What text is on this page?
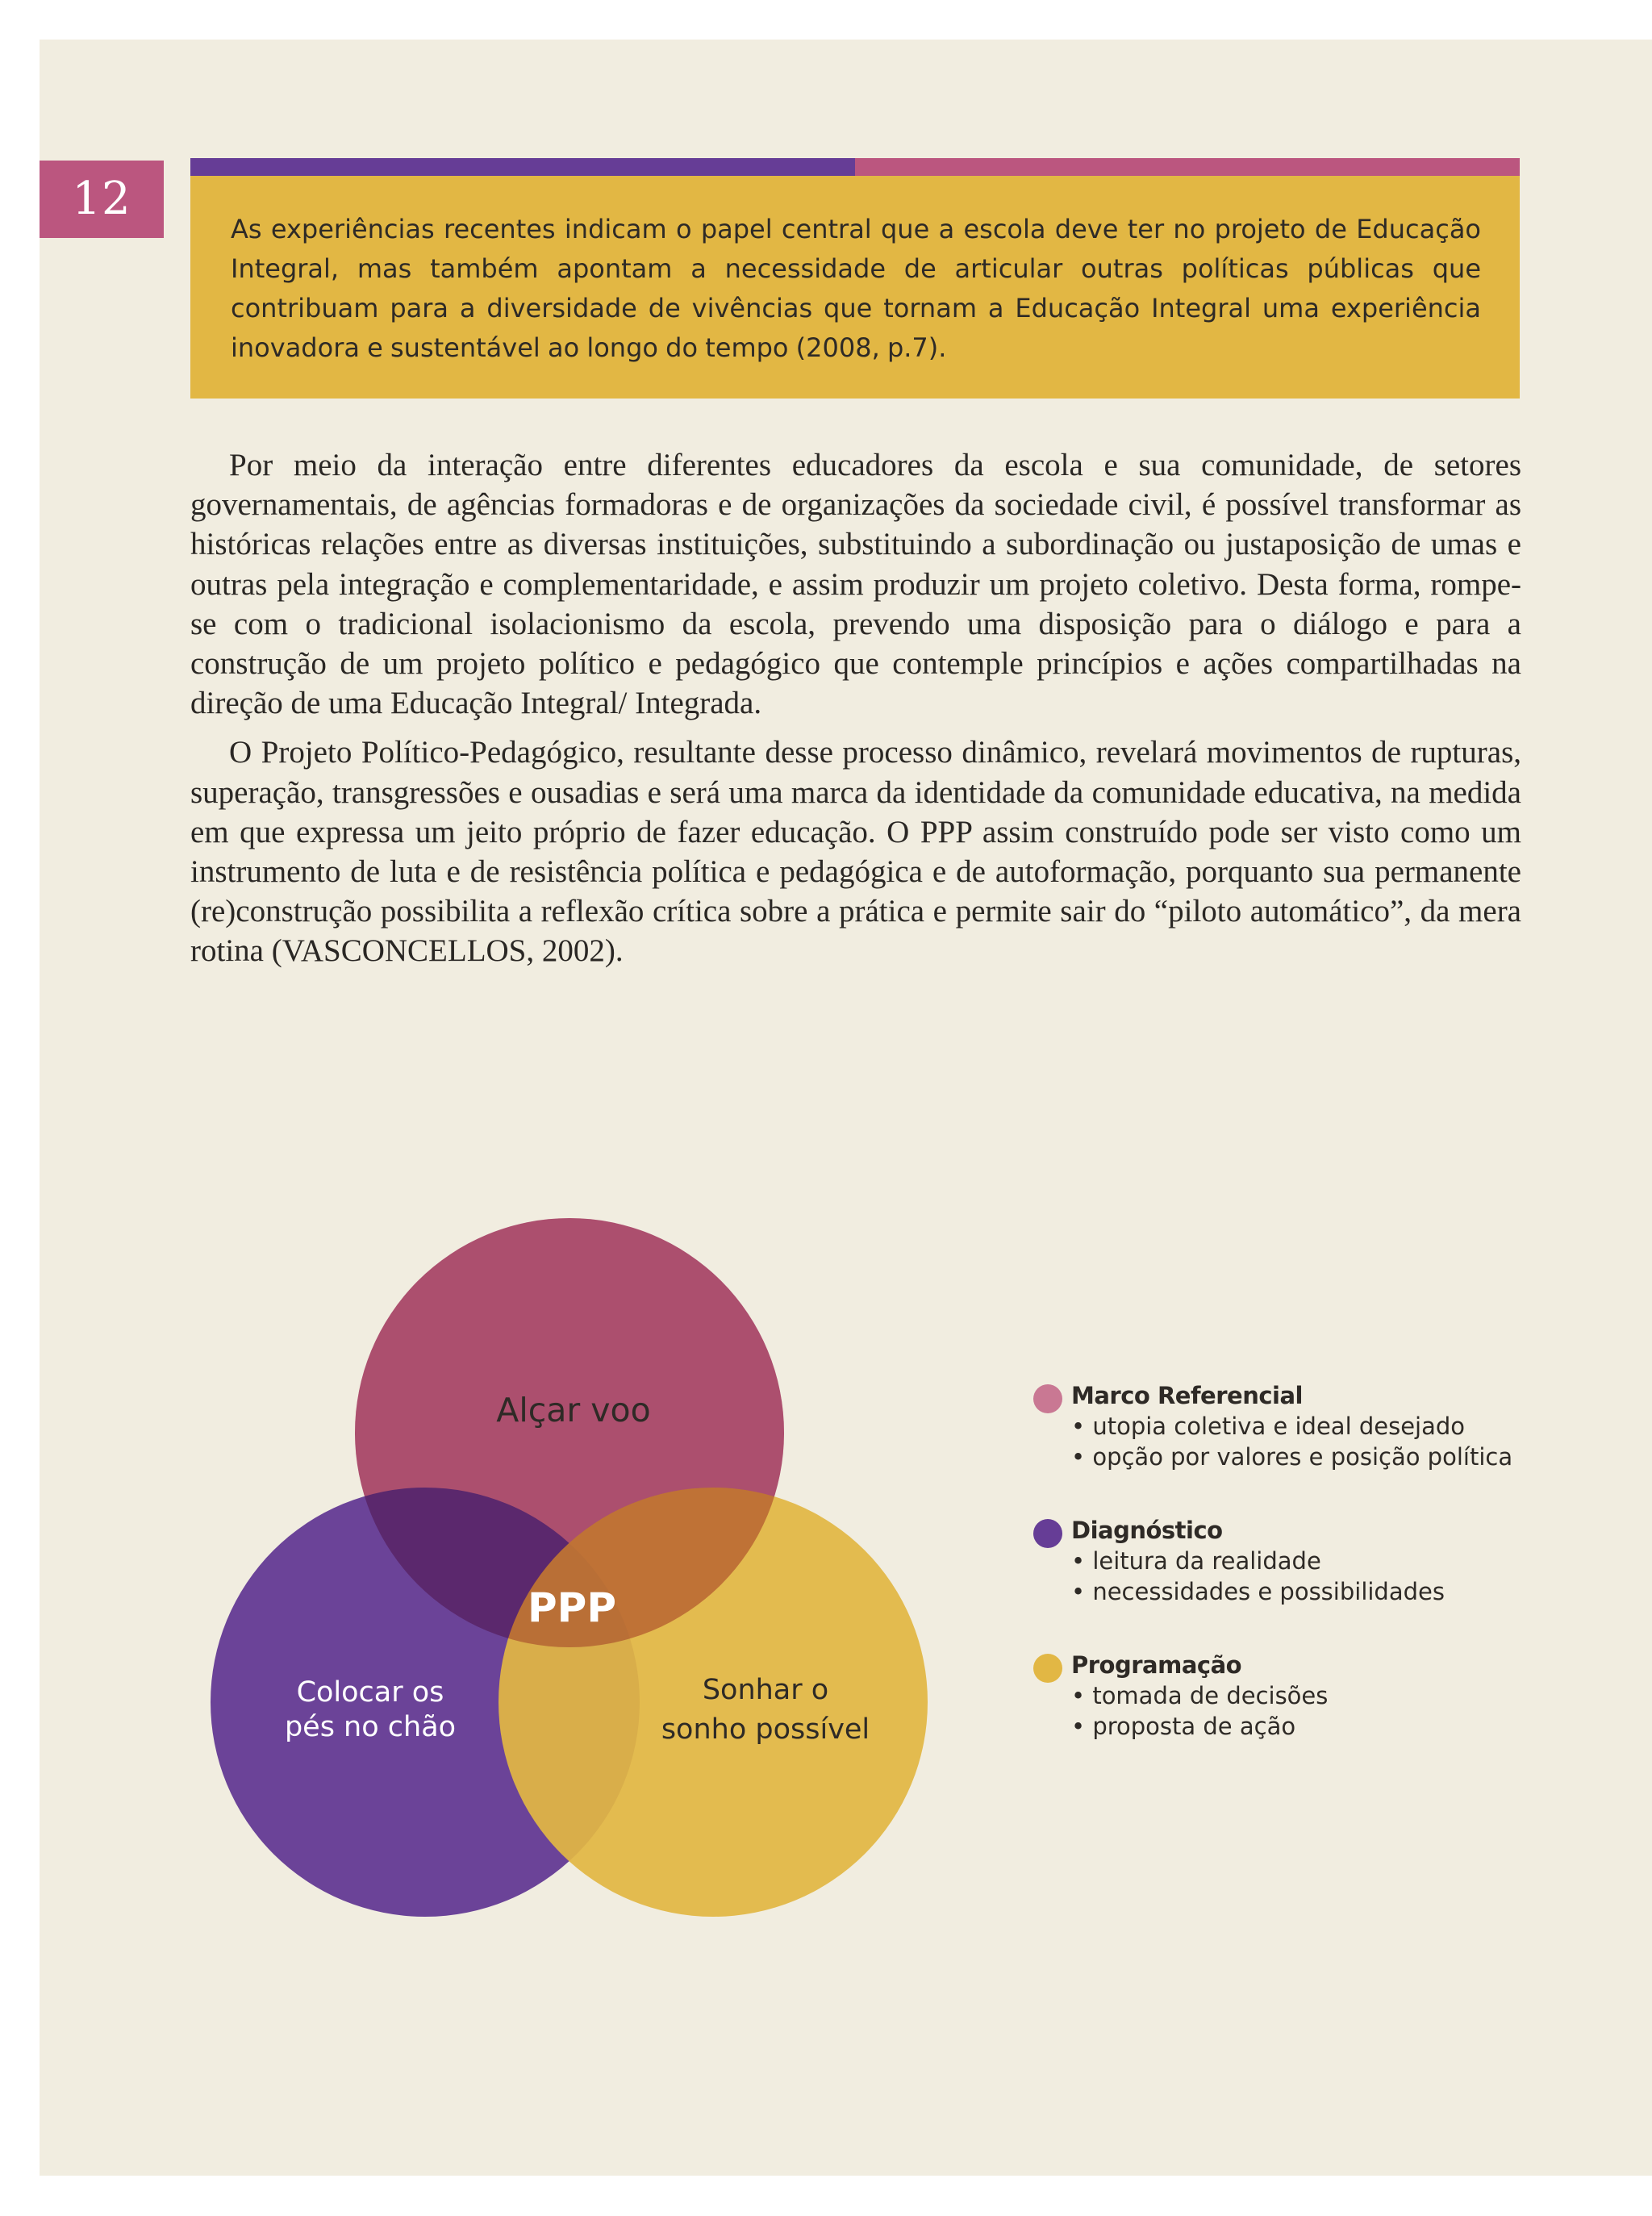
12

As experiências recentes indicam o papel central que a escola deve ter no projeto de Educação Integral, mas também apontam a necessidade de articular outras políticas públicas que contribuam para a diversidade de vivências que tornam a Educação Integral uma experiência inovadora e sustentável ao longo do tempo (2008, p.7).

Por meio da interação entre diferentes educadores da escola e sua comunidade, de setores governamentais, de agências formadoras e de organizações da sociedade civil, é possível transformar as históricas relações entre as diversas instituições, substituindo a subordinação ou justaposição de umas e outras pela integração e complementaridade, e assim produzir um projeto coletivo. Desta forma, rompe-se com o tradicional isolacionismo da escola, prevendo uma disposição para o diálogo e para a construção de um projeto político e pedagógico que contemple princípios e ações compartilhadas na direção de uma Educação Integral/ Integrada.

O Projeto Político-Pedagógico, resultante desse processo dinâmico, revelará movimentos de rupturas, superação, transgressões e ousadias e será uma marca da identidade da comunidade educativa, na medida em que expressa um jeito próprio de fazer educação. O PPP assim construído pode ser visto como um instrumento de luta e de resistência política e pedagógica e de autoformação, porquanto sua permanente (re)construção possibilita a reflexão crítica sobre a prática e permite sair do “piloto automático”, da mera rotina (VASCONCELLOS, 2002).

Alçar voo
Colocar os
pés no chão
Sonhar o
sonho possível
PPP
Marco Referencial
• utopia coletiva e ideal desejado
• opção por valores e posição política
Diagnóstico
• leitura da realidade
• necessidades e possibilidades
Programação
• tomada de decisões
• proposta de ação
